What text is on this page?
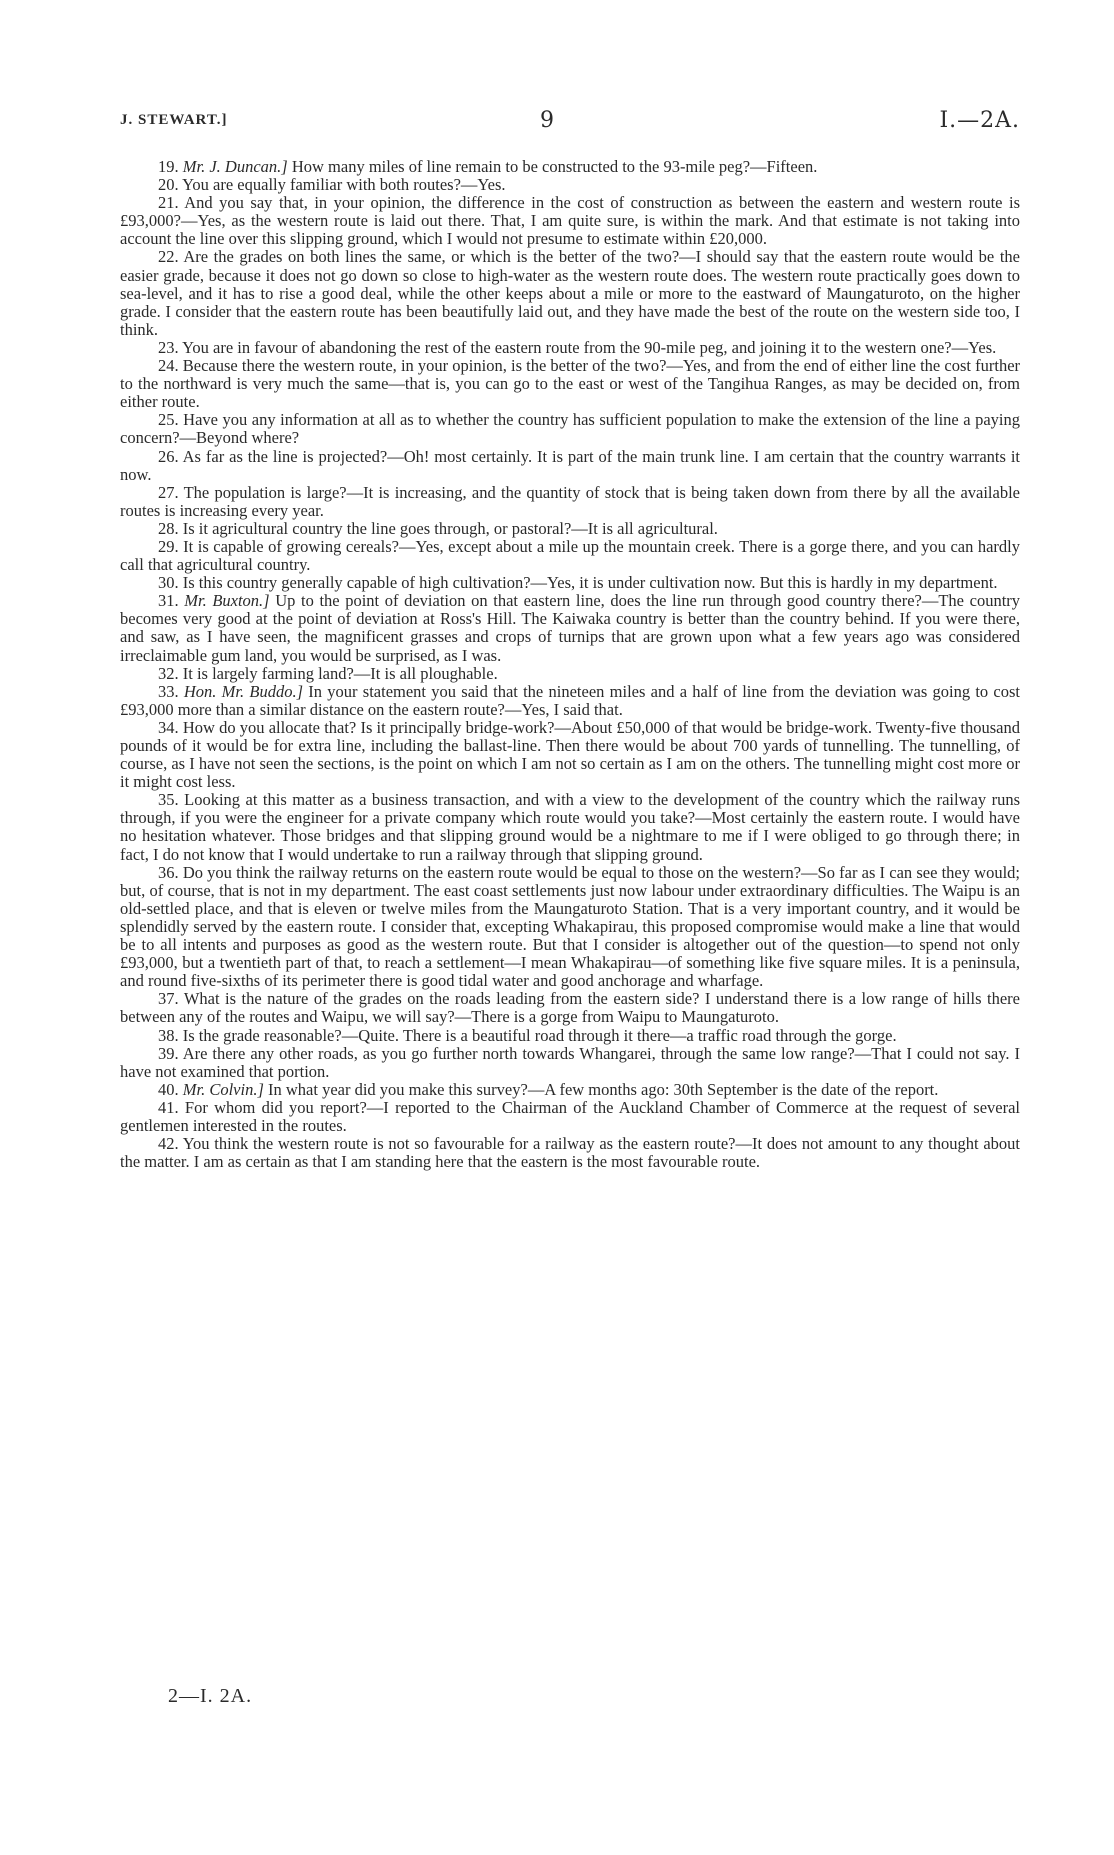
J. STEWART.]	9	I.—2A.

19. Mr. J. Duncan.] How many miles of line remain to be constructed to the 93-mile peg?—Fifteen.

20. You are equally familiar with both routes?—Yes.

21. And you say that, in your opinion, the difference in the cost of construction as between the eastern and western route is £93,000?—Yes, as the western route is laid out there. That, I am quite sure, is within the mark. And that estimate is not taking into account the line over this slipping ground, which I would not presume to estimate within £20,000.

22. Are the grades on both lines the same, or which is the better of the two?—I should say that the eastern route would be the easier grade, because it does not go down so close to high-water as the western route does. The western route practically goes down to sea-level, and it has to rise a good deal, while the other keeps about a mile or more to the eastward of Maungaturoto, on the higher grade. I consider that the eastern route has been beautifully laid out, and they have made the best of the route on the western side too, I think.

23. You are in favour of abandoning the rest of the eastern route from the 90-mile peg, and joining it to the western one?—Yes.

24. Because there the western route, in your opinion, is the better of the two?—Yes, and from the end of either line the cost further to the northward is very much the same—that is, you can go to the east or west of the Tangihua Ranges, as may be decided on, from either route.

25. Have you any information at all as to whether the country has sufficient population to make the extension of the line a paying concern?—Beyond where?

26. As far as the line is projected?—Oh! most certainly. It is part of the main trunk line. I am certain that the country warrants it now.

27. The population is large?—It is increasing, and the quantity of stock that is being taken down from there by all the available routes is increasing every year.

28. Is it agricultural country the line goes through, or pastoral?—It is all agricultural.

29. It is capable of growing cereals?—Yes, except about a mile up the mountain creek. There is a gorge there, and you can hardly call that agricultural country.

30. Is this country generally capable of high cultivation?—Yes, it is under cultivation now. But this is hardly in my department.

31. Mr. Buxton.] Up to the point of deviation on that eastern line, does the line run through good country there?—The country becomes very good at the point of deviation at Ross's Hill. The Kaiwaka country is better than the country behind. If you were there, and saw, as I have seen, the magnificent grasses and crops of turnips that are grown upon what a few years ago was considered irreclaimable gum land, you would be surprised, as I was.

32. It is largely farming land?—It is all ploughable.

33. Hon. Mr. Buddo.] In your statement you said that the nineteen miles and a half of line from the deviation was going to cost £93,000 more than a similar distance on the eastern route?—Yes, I said that.

34. How do you allocate that? Is it principally bridge-work?—About £50,000 of that would be bridge-work. Twenty-five thousand pounds of it would be for extra line, including the ballast-line. Then there would be about 700 yards of tunnelling. The tunnelling, of course, as I have not seen the sections, is the point on which I am not so certain as I am on the others. The tunnelling might cost more or it might cost less.

35. Looking at this matter as a business transaction, and with a view to the development of the country which the railway runs through, if you were the engineer for a private company which route would you take?—Most certainly the eastern route. I would have no hesitation whatever. Those bridges and that slipping ground would be a nightmare to me if I were obliged to go through there; in fact, I do not know that I would undertake to run a railway through that slipping ground.

36. Do you think the railway returns on the eastern route would be equal to those on the western?—So far as I can see they would; but, of course, that is not in my department. The east coast settlements just now labour under extraordinary difficulties. The Waipu is an old-settled place, and that is eleven or twelve miles from the Maungaturoto Station. That is a very important country, and it would be splendidly served by the eastern route. I consider that, excepting Whakapirau, this proposed compromise would make a line that would be to all intents and purposes as good as the western route. But that I consider is altogether out of the question—to spend not only £93,000, but a twentieth part of that, to reach a settlement—I mean Whakapirau—of something like five square miles. It is a peninsula, and round five-sixths of its perimeter there is good tidal water and good anchorage and wharfage.

37. What is the nature of the grades on the roads leading from the eastern side? I understand there is a low range of hills there between any of the routes and Waipu, we will say?—There is a gorge from Waipu to Maungaturoto.

38. Is the grade reasonable?—Quite. There is a beautiful road through it there—a traffic road through the gorge.

39. Are there any other roads, as you go further north towards Whangarei, through the same low range?—That I could not say. I have not examined that portion.

40. Mr. Colvin.] In what year did you make this survey?—A few months ago: 30th September is the date of the report.

41. For whom did you report?—I reported to the Chairman of the Auckland Chamber of Commerce at the request of several gentlemen interested in the routes.

42. You think the western route is not so favourable for a railway as the eastern route?—It does not amount to any thought about the matter. I am as certain as that I am standing here that the eastern is the most favourable route.

2—I. 2A.
